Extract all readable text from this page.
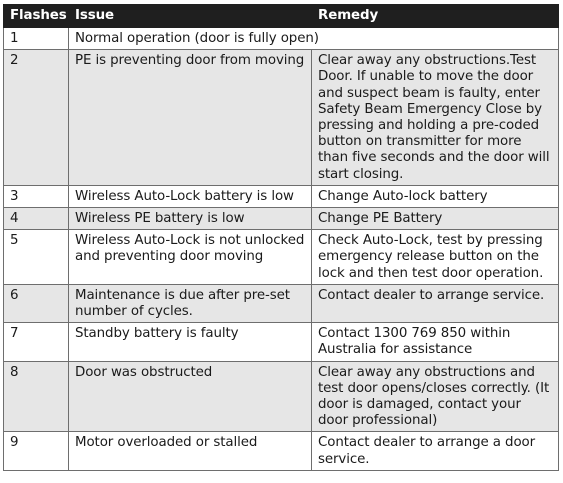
Flashes	Issue	Remedy
1	Normal operation (door is fully open)	
2	PE is preventing door from moving	Clear away any obstructions.Test Door. If unable to move the door and suspect beam is faulty, enter Safety Beam Emergency Close by pressing and holding a pre-coded button on transmitter for more than five seconds and the door will start closing.
3	Wireless Auto-Lock battery is low	Change Auto-lock battery
4	Wireless PE battery is low	Change PE Battery
5	Wireless Auto-Lock is not unlocked and preventing door moving	Check Auto-Lock, test by pressing emergency release button on the lock and then test door operation.
6	Maintenance is due after pre-set number of cycles.	Contact dealer to arrange service.
7	Standby battery is faulty	Contact 1300 769 850 within Australia for assistance
8	Door was obstructed	Clear away any obstructions and test door opens/closes correctly. (It door is damaged, contact your door professional)
9	Motor overloaded or stalled	Contact dealer to arrange a door service.
